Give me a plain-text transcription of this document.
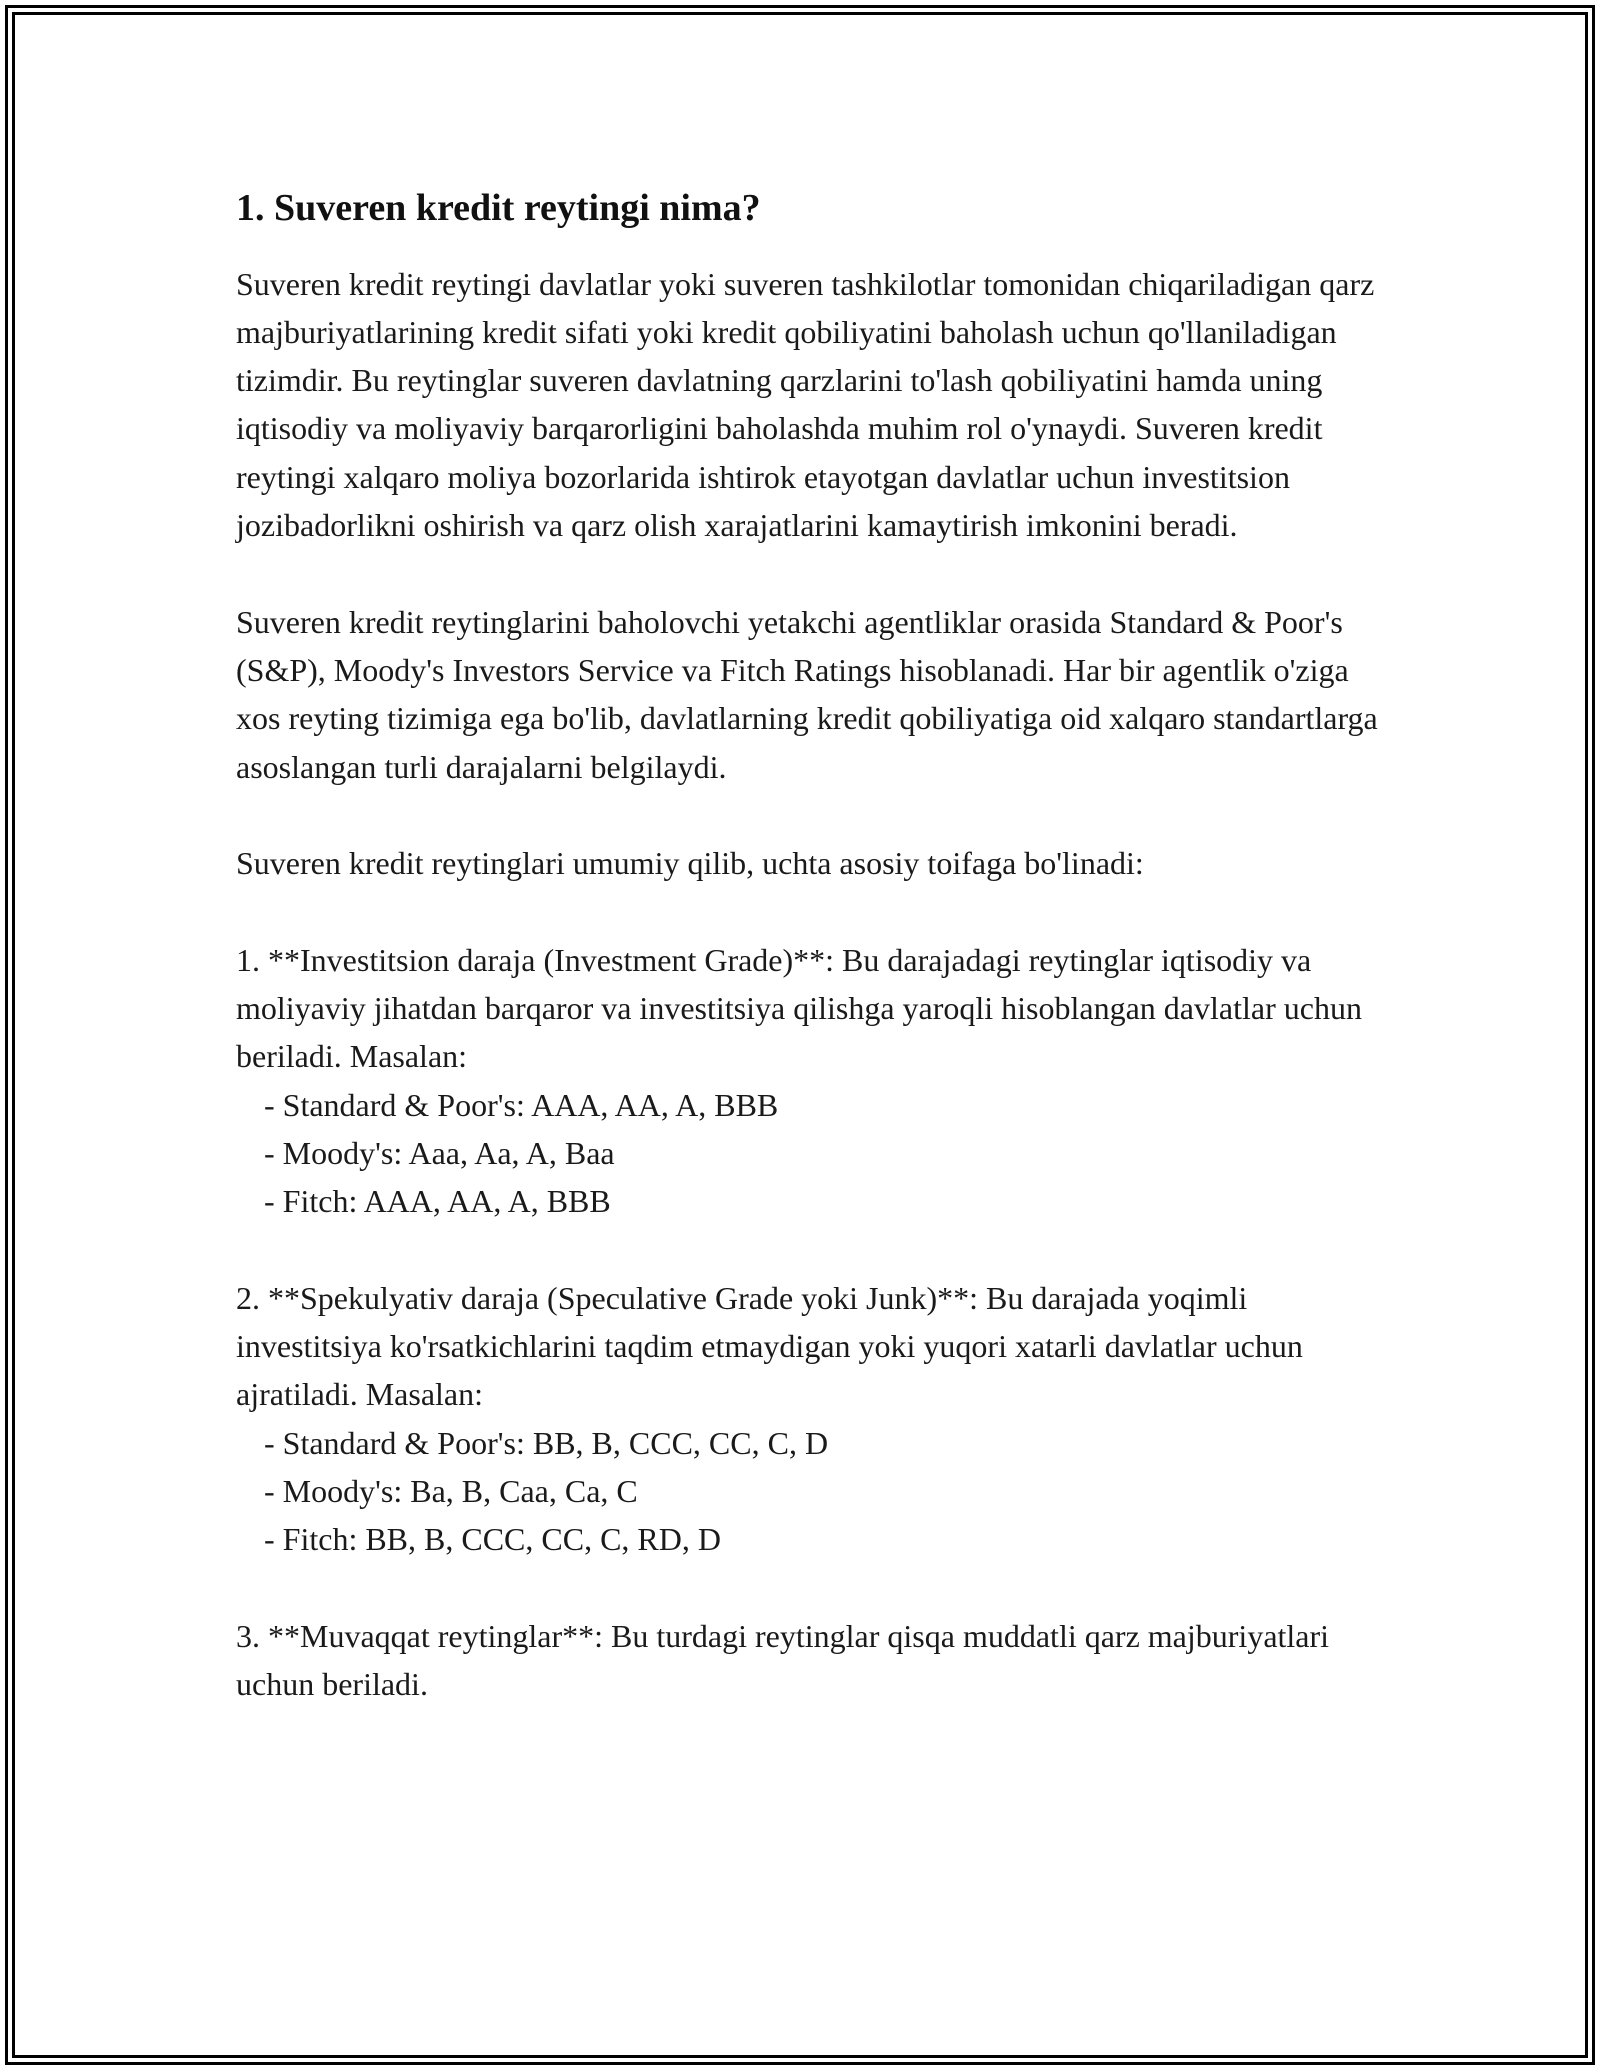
1. Suveren kredit reytingi nima?

Suveren kredit reytingi davlatlar yoki suveren tashkilotlar tomonidan chiqariladigan qarz majburiyatlarining kredit sifati yoki kredit qobiliyatini baholash uchun qo'llaniladigan tizimdir. Bu reytinglar suveren davlatning qarzlarini to'lash qobiliyatini hamda uning iqtisodiy va moliyaviy barqarorligini baholashda muhim rol o'ynaydi. Suveren kredit reytingi xalqaro moliya bozorlarida ishtirok etayotgan davlatlar uchun investitsion jozibadorlikni oshirish va qarz olish xarajatlarini kamaytirish imkonini beradi.

Suveren kredit reytinglarini baholovchi yetakchi agentliklar orasida Standard & Poor's (S&P), Moody's Investors Service va Fitch Ratings hisoblanadi. Har bir agentlik o'ziga xos reyting tizimiga ega bo'lib, davlatlarning kredit qobiliyatiga oid xalqaro standartlarga asoslangan turli darajalarni belgilaydi.

Suveren kredit reytinglari umumiy qilib, uchta asosiy toifaga bo'linadi:

1. **Investitsion daraja (Investment Grade)**: Bu darajadagi reytinglar iqtisodiy va moliyaviy jihatdan barqaror va investitsiya qilishga yaroqli hisoblangan davlatlar uchun beriladi. Masalan:

- Standard & Poor's: AAA, AA, A, BBB

- Moody's: Aaa, Aa, A, Baa

- Fitch: AAA, AA, A, BBB

2. **Spekulyativ daraja (Speculative Grade yoki Junk)**: Bu darajada yoqimli investitsiya ko'rsatkichlarini taqdim etmaydigan yoki yuqori xatarli davlatlar uchun ajratiladi. Masalan:

- Standard & Poor's: BB, B, CCC, CC, C, D

- Moody's: Ba, B, Caa, Ca, C

- Fitch: BB, B, CCC, CC, C, RD, D

3. **Muvaqqat reytinglar**: Bu turdagi reytinglar qisqa muddatli qarz majburiyatlari uchun beriladi.
